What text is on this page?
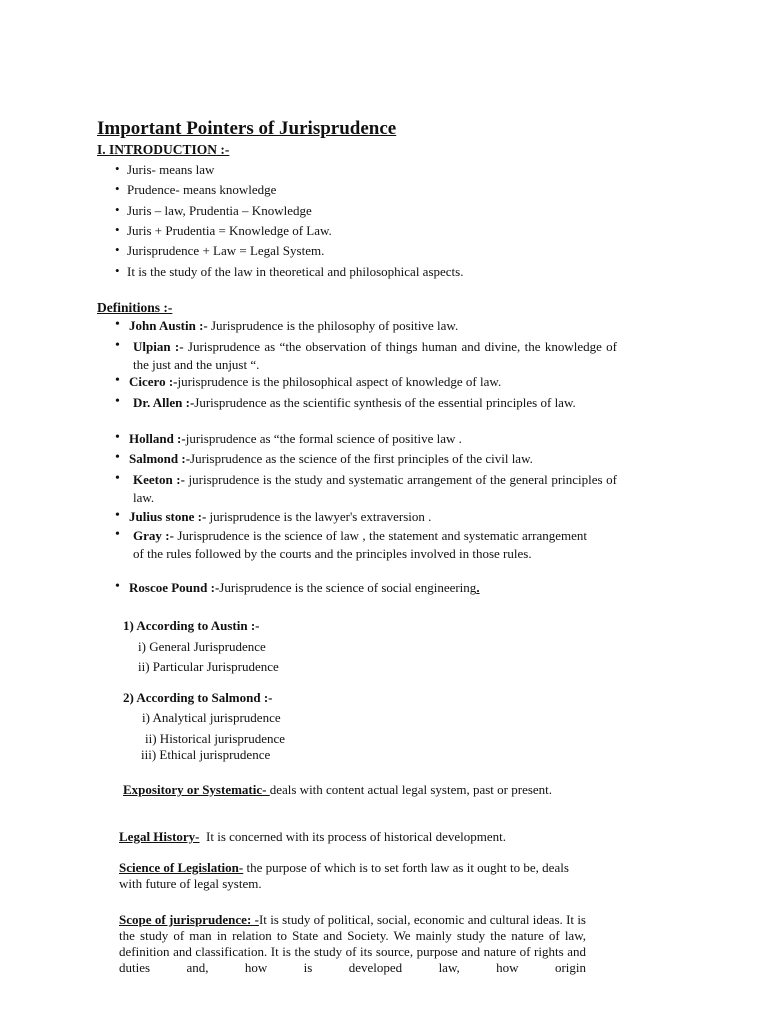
Important Pointers of Jurisprudence
I. INTRODUCTION :-
• Juris- means law
• Prudence- means knowledge
• Juris – law, Prudentia – Knowledge
• Juris + Prudentia = Knowledge of Law.
• Jurisprudence + Law = Legal System.
• It is the study of the law in theoretical and philosophical aspects.
Definitions :-
• John Austin :- Jurisprudence is the philosophy of positive law.
• Ulpian :- Jurisprudence as “the observation of things human and divine, the knowledge of the just and the unjust “.
• Cicero :-jurisprudence is the philosophical aspect of knowledge of law.
• Dr. Allen :-Jurisprudence as the scientific synthesis of the essential principles of law.
• Holland :-jurisprudence as “the formal science of positive law .
• Salmond :-Jurisprudence as the science of the first principles of the civil law.
• Keeton :- jurisprudence is the study and systematic arrangement of the general principles of law.
• Julius stone :- jurisprudence is the lawyer's extraversion .
• Gray :- Jurisprudence is the science of law , the statement and systematic arrangement of the rules followed by the courts and the principles involved in those rules.
• Roscoe Pound :-Jurisprudence is the science of social engineering.
1) According to Austin :-
i) General Jurisprudence
ii) Particular Jurisprudence
2) According to Salmond :-
i) Analytical jurisprudence
ii) Historical jurisprudence
iii) Ethical jurisprudence
Expository or Systematic- deals with content actual legal system, past or present.
Legal History-  It is concerned with its process of historical development.
Science of Legislation- the purpose of which is to set forth law as it ought to be, deals with future of legal system.
Scope of jurisprudence: -It is study of political, social, economic and cultural ideas. It is the study of man in relation to State and Society. We mainly study the nature of law, definition and classification. It is the study of its source, purpose and nature of rights and duties and, how is developed law, how origin
